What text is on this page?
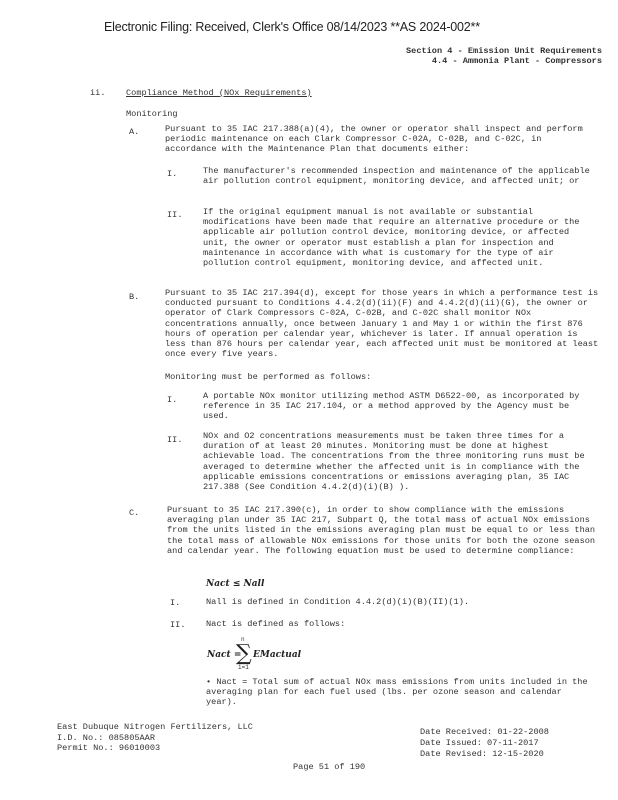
Electronic Filing: Received, Clerk's Office 08/14/2023 **AS 2024-002**
Section 4 - Emission Unit Requirements
4.4 - Ammonia Plant - Compressors
ii. Compliance Method (NOx Requirements)
Monitoring
A.	Pursuant to 35 IAC 217.388(a)(4), the owner or operator shall inspect and perform periodic maintenance on each Clark Compressor C-02A, C-02B, and C-02C, in accordance with the Maintenance Plan that documents either:
I.	The manufacturer's recommended inspection and maintenance of the applicable air pollution control equipment, monitoring device, and affected unit; or
II. If the original equipment manual is not available or substantial modifications have been made that require an alternative procedure or the applicable air pollution control device, monitoring device, or affected unit, the owner or operator must establish a plan for inspection and maintenance in accordance with what is customary for the type of air pollution control equipment, monitoring device, and affected unit.
B.	Pursuant to 35 IAC 217.394(d), except for those years in which a performance test is conducted pursuant to Conditions 4.4.2(d)(ii)(F) and 4.4.2(d)(ii)(G), the owner or operator of Clark Compressors C-02A, C-02B, and C-02C shall monitor NOx concentrations annually, once between January 1 and May 1 or within the first 876 hours of operation per calendar year, whichever is later. If annual operation is less than 876 hours per calendar year, each affected unit must be monitored at least once every five years.
Monitoring must be performed as follows:
I.	A portable NOx monitor utilizing method ASTM D6522-00, as incorporated by reference in 35 IAC 217.104, or a method approved by the Agency must be used.
II. NOx and O2 concentrations measurements must be taken three times for a duration of at least 20 minutes. Monitoring must be done at highest achievable load. The concentrations from the three monitoring runs must be averaged to determine whether the affected unit is in compliance with the applicable emissions concentrations or emissions averaging plan, 35 IAC 217.388 (See Condition 4.4.2(d)(i)(B) ).
C.	Pursuant to 35 IAC 217.390(c), in order to show compliance with the emissions averaging plan under 35 IAC 217, Subpart Q, the total mass of actual NOx emissions from the units listed in the emissions averaging plan must be equal to or less than the total mass of allowable NOx emissions for those units for both the ozone season and calendar year. The following equation must be used to determine compliance:
Nact ≤ Nall
I.	Nall is defined in Condition 4.4.2(d)(i)(B)(II)(1).
II. Nact is defined as follows:
Nact =
n
∑
i=1
EMactual
• Nact = Total sum of actual NOx mass emissions from units included in the averaging plan for each fuel used (lbs. per ozone season and calendar year).
East Dubuque Nitrogen Fertilizers, LLC
I.D. No.: 085805AAR
Permit No.: 96010003
Date Received: 01-22-2008
Date Issued: 07-11-2017
Date Revised: 12-15-2020
Page 51 of 190
